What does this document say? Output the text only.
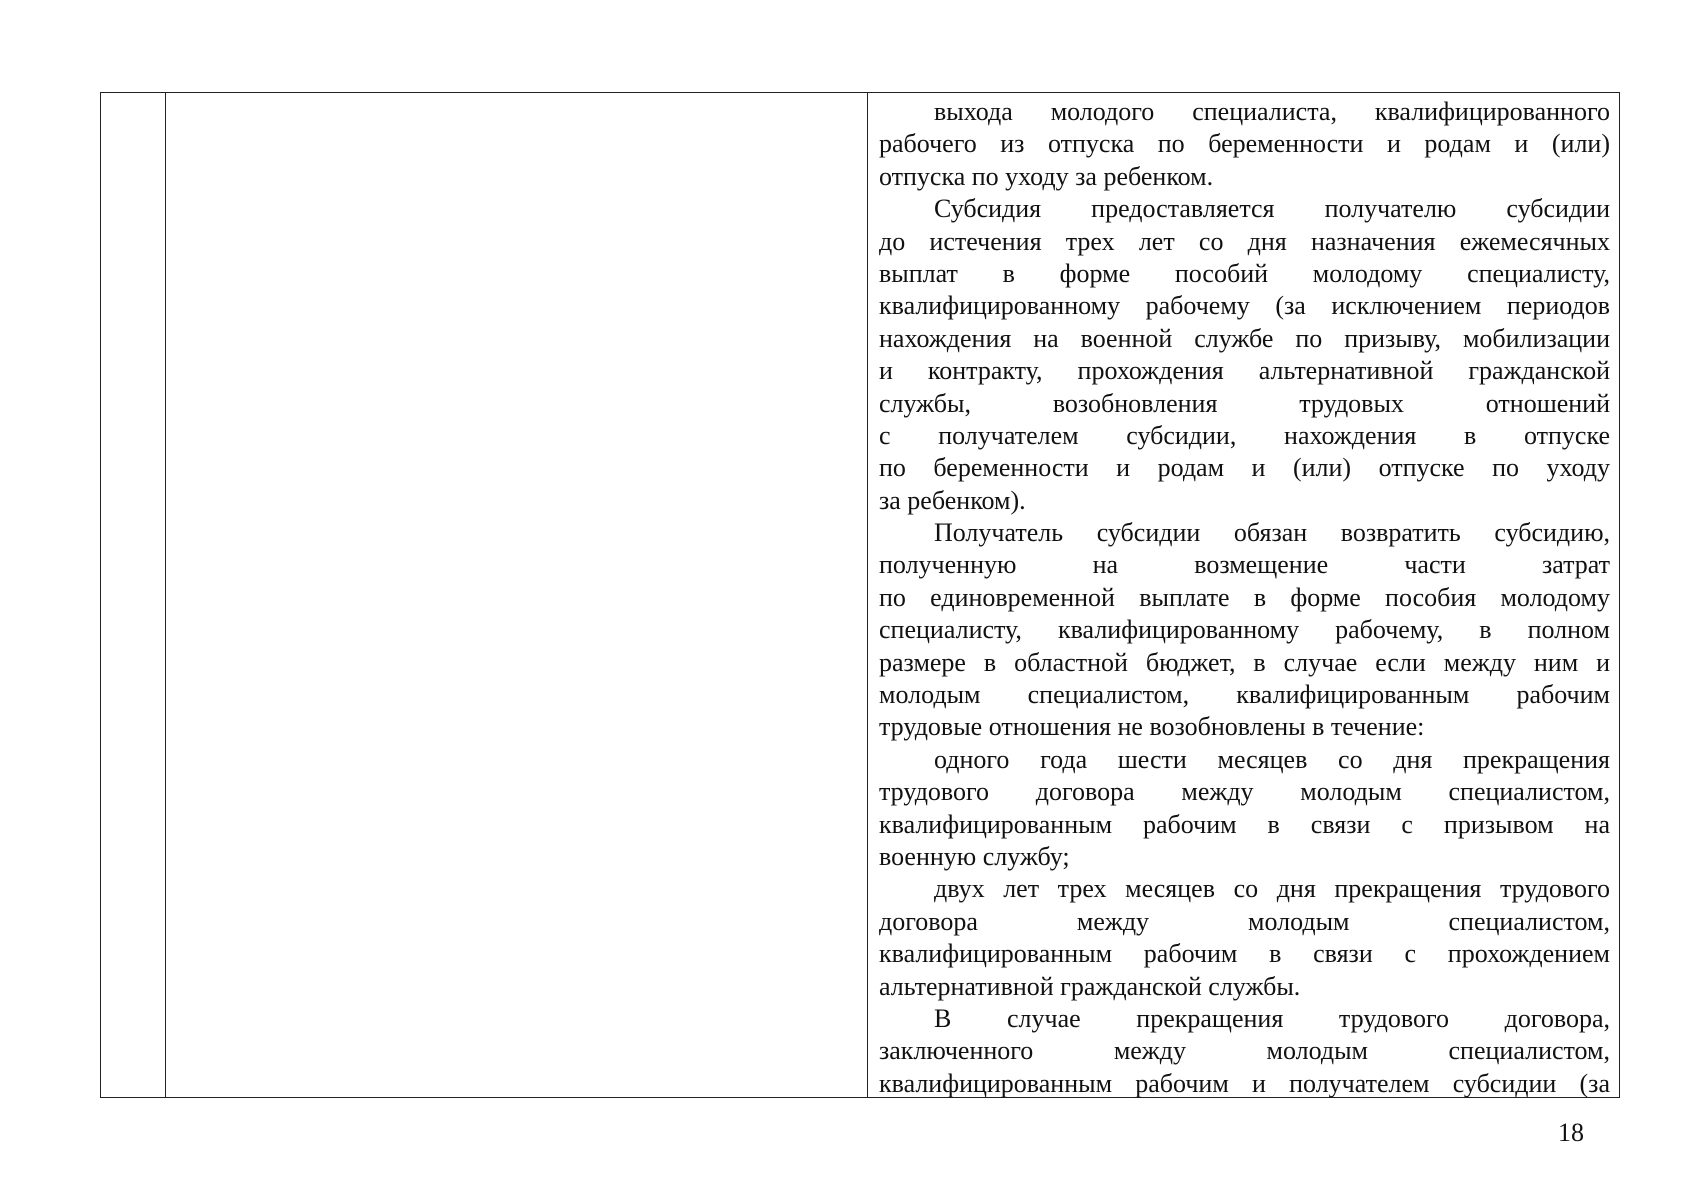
выхода молодого специалиста, квалифицированного
рабочего из отпуска по беременности и родам и (или)
отпуска по уходу за ребенком.
Субсидия предоставляется получателю субсидии
до истечения трех лет со дня назначения ежемесячных
выплат в форме пособий молодому специалисту,
квалифицированному рабочему (за исключением периодов
нахождения на военной службе по призыву, мобилизации
и контракту, прохождения альтернативной гражданской
службы, возобновления трудовых отношений
с получателем субсидии, нахождения в отпуске
по беременности и родам и (или) отпуске по уходу
за ребенком).
Получатель субсидии обязан возвратить субсидию,
полученную на возмещение части затрат
по единовременной выплате в форме пособия молодому
специалисту, квалифицированному рабочему, в полном
размере в областной бюджет, в случае если между ним и
молодым специалистом, квалифицированным рабочим
трудовые отношения не возобновлены в течение:
одного года шести месяцев со дня прекращения
трудового договора между молодым специалистом,
квалифицированным рабочим в связи с призывом на
военную службу;
двух лет трех месяцев со дня прекращения трудового
договора между молодым специалистом,
квалифицированным рабочим в связи с прохождением
альтернативной гражданской службы.
В случае прекращения трудового договора,
заключенного между молодым специалистом,
квалифицированным рабочим и получателем субсидии (за
18
